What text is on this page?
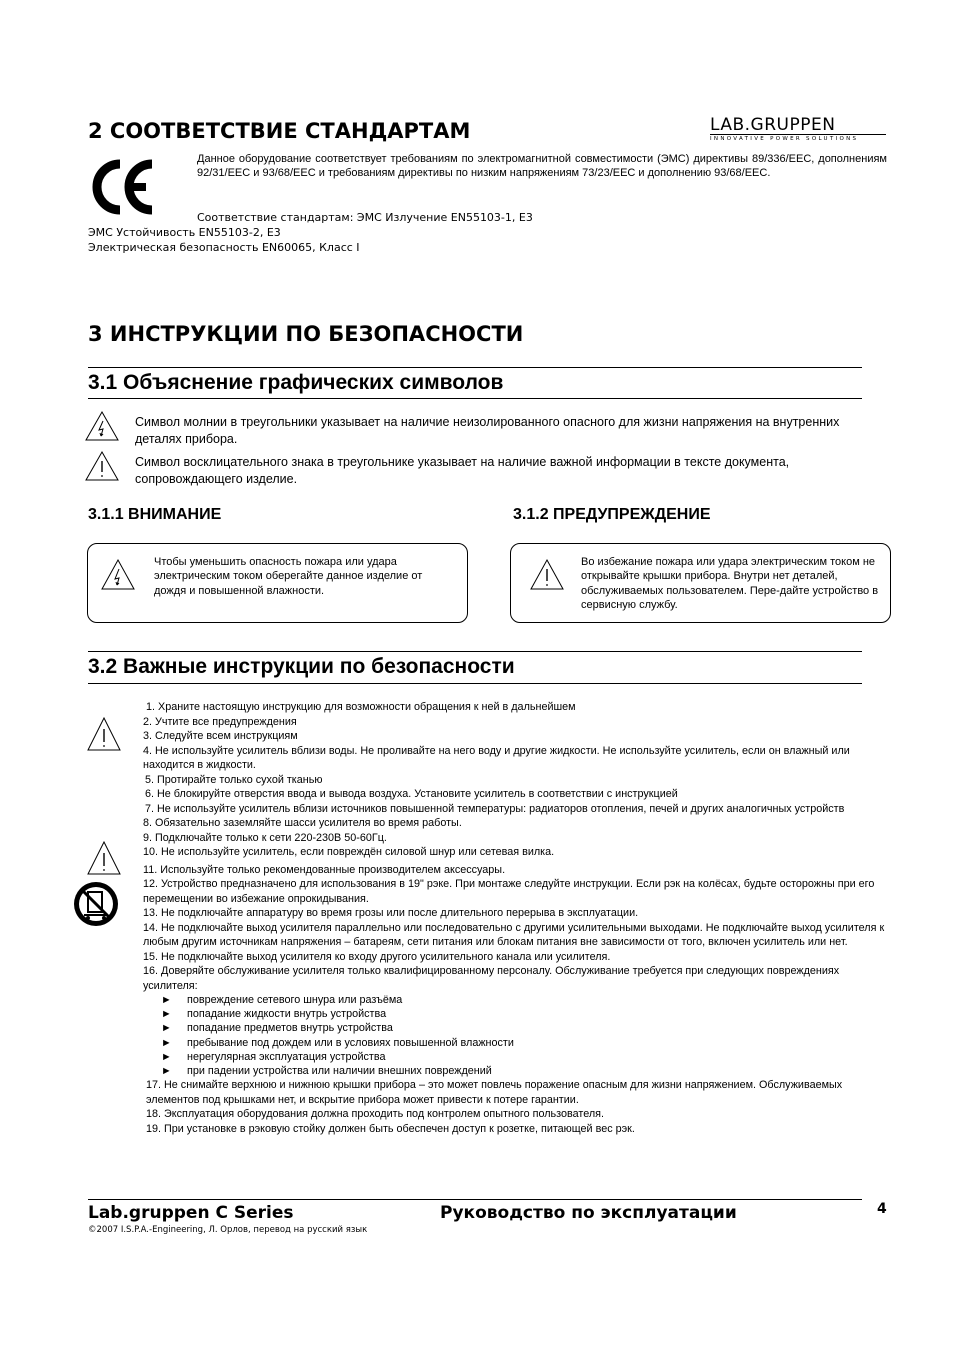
2 СООТВЕТСТВИЕ СТАНДАРТАМ	LAB.GRUPPEN
INNOVATIVE POWER SOLUTIONS
Данное оборудование соответствует требованиям по электромагнитной совместимости (ЭМС) директивы 89/336/EEC, дополнениям 92/31/EEC и 93/68/EEC и требованиям директивы по низким напряжениям 73/23/EEC и дополнению 93/68/EEC.
Соответствие стандартам: ЭМС Излучение EN55103-1, E3
ЭМС Устойчивость EN55103-2, E3
Электрическая безопасность EN60065, Класс I
3 ИНСТРУКЦИИ ПО БЕЗОПАСНОСТИ
3.1 Объяснение графических символов
Символ молнии в треугольники указывает на наличие неизолированного опасного для жизни напряжения на внутренних деталях прибора.
Символ восклицательного знака в треугольнике указывает на наличие важной информации в тексте документа, сопровождающего изделие.
3.1.1 ВНИМАНИЕ	3.1.2 ПРЕДУПРЕЖДЕНИЕ
Чтобы уменьшить опасность пожара или удара электрическим током оберегайте данное изделие от дождя и повышенной влажности.
Во избежание пожара или удара электрическим током не открывайте крышки прибора. Внутри нет деталей, обслуживаемых пользователем. Пере-дайте устройство в сервисную службу.
3.2 Важные инструкции по безопасности
1. Храните настоящую инструкцию для возможности обращения к ней в дальнейшем
2. Учтите все предупреждения
3. Следуйте всем инструкциям
4. Не используйте усилитель вблизи воды. Не проливайте на него воду и другие жидкости. Не используйте усилитель, если он влажный или находится в жидкости.
5. Протирайте только сухой тканью
6. Не блокируйте отверстия ввода и вывода воздуха. Установите усилитель в соответствии с инструкцией
7. Не используйте усилитель вблизи источников повышенной температуры: радиаторов отопления, печей и других аналогичных устройств
8. Обязательно заземляйте шасси усилителя во время работы.
9. Подключайте только к сети 220-230В 50-60Гц.
10. Не используйте усилитель, если повреждён силовой шнур или сетевая вилка.
11. Используйте только рекомендованные производителем аксессуары.
12. Устройство предназначено для использования в 19" рэке. При монтаже следуйте инструкции. Если рэк на колёсах, будьте осторожны при его перемещении во избежание опрокидывания.
13. Не подключайте аппаратуру во время грозы или после длительного перерыва в эксплуатации.
14. Не подключайте выход усилителя параллельно или последовательно с другими усилительными выходами. Не подключайте выход усилителя к любым другим источникам напряжения – батареям, сети питания или блокам питания вне зависимости от того, включен усилитель или нет.
15. Не подключайте выход усилителя ко входу другого усилительного канала или усилителя.
16. Доверяйте обслуживание усилителя только квалифицированному персоналу. Обслуживание требуется при следующих повреждениях усилителя:
► повреждение сетевого шнура или разъёма
► попадание жидкости внутрь устройства
► попадание предметов внутрь устройства
► пребывание под дождем или в условиях повышенной влажности
► нерегулярная эксплуатация устройства
► при падении устройства или наличии внешних повреждений
17. Не снимайте верхнюю и нижнюю крышки прибора – это может повлечь поражение опасным для жизни напряжением. Обслуживаемых элементов под крышками нет, и вскрытие прибора может привести к потере гарантии.
18. Эксплуатация оборудования должна проходить под контролем опытного пользователя.
19. При установке в рэковую стойку должен быть обеспечен доступ к розетке, питающей вес рэк.
Lab.gruppen C Series	Руководство по эксплуатации	4
©2007 I.S.P.A.-Engineering, Л. Орлов, перевод на русский язык
